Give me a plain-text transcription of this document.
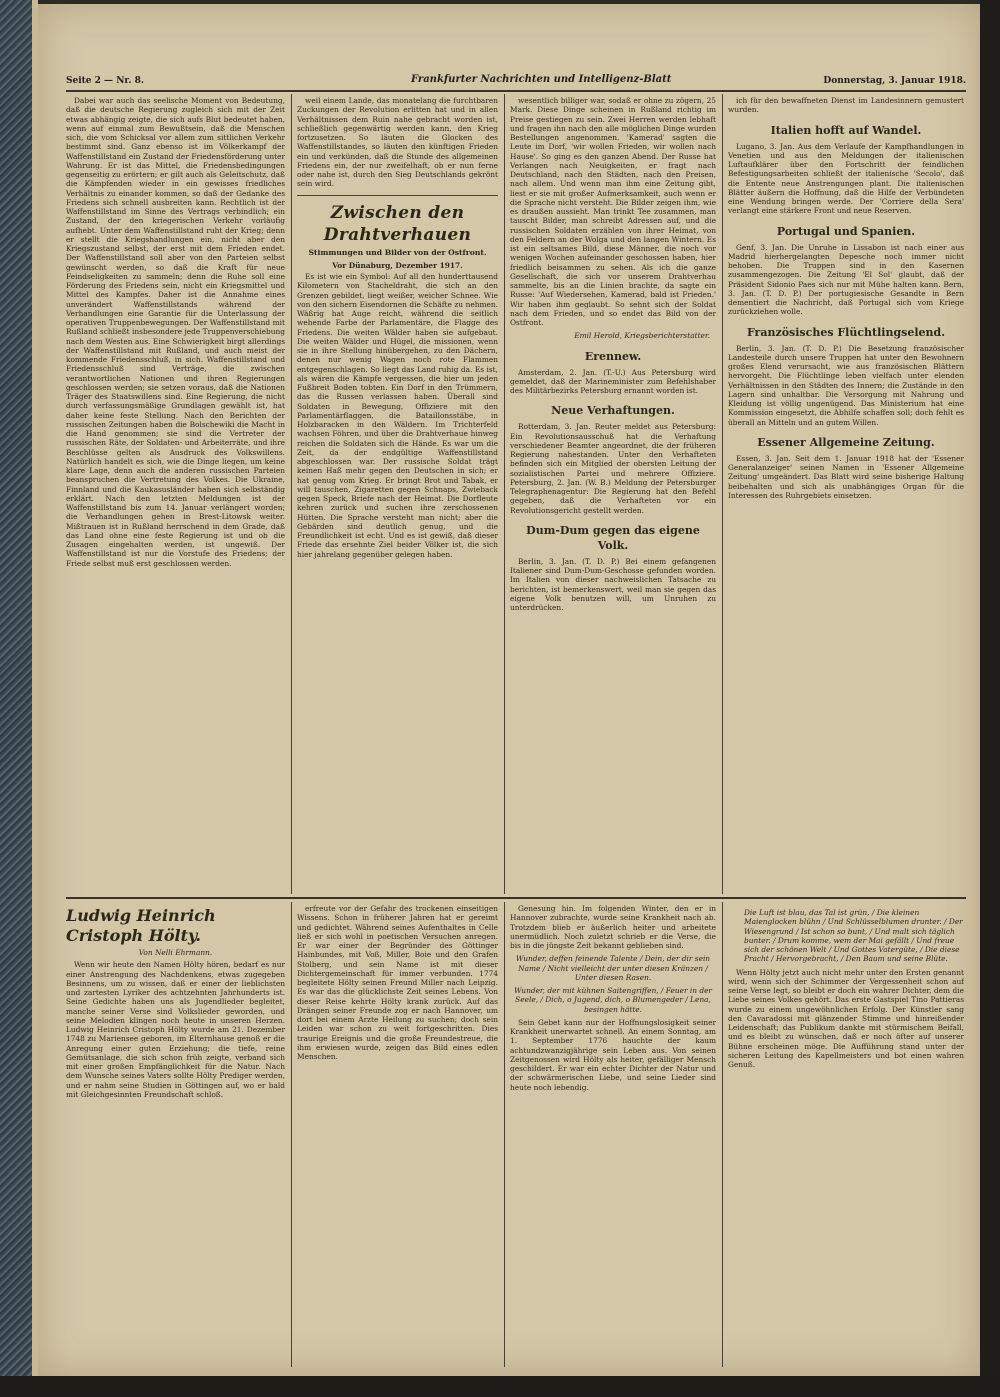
Seite 2 — Nr. 8.	Frankfurter Nachrichten und Intelligenz-Blatt	Donnerstag, 3. Januar 1918.

Dabei war auch das seelische Moment von Bedeutung, daß die deutsche Regierung zugleich sich mit der Zeit etwas abhängig zeigte, die sich aufs Blut bedeutet haben, wenn auf einmal zum Bewußtsein, daß die Menschen sich, die vom Schicksal vor allem zum sittlichen Verkehr bestimmt sind. Ganz ebenso ist im Völkerkampf der Waffenstillstand ein Zustand der Friedensförderung unter Wahrung. Er ist das Mittel, die Friedensbedingungen gegenseitig zu erörtern; er gilt auch als Geleitschutz, daß die Kämpfenden wieder in ein gewisses friedliches Verhältnis zu einander kommen, so daß der Gedanke des Friedens sich schnell ausbreiten kann. Rechtlich ist der Waffenstillstand im Sinne des Vertrags verbindlich; ein Zustand, der den kriegerischen Verkehr vorläufig aufhebt. Unter dem Waffenstillstand ruht der Krieg; denn er stellt die Kriegshandlungen ein, nicht aber den Kriegszustand selbst, der erst mit dem Frieden endet. Der Waffenstillstand soll aber von den Parteien selbst gewünscht werden, so daß die Kraft für neue Feindseligkeiten zu sammeln; denn die Ruhe soll eine Förderung des Friedens sein, nicht ein Kriegsmittel und Mittel des Kampfes. Daher ist die Annahme eines unverändert Waffenstillstands während der Verhandlungen eine Garantie für die Unterlassung der operativen Truppenbewegungen. Der Waffenstillstand mit Rußland schließt insbesondere jede Truppenverschiebung nach dem Westen aus. Eine Schwierigkeit birgt allerdings der Waffenstillstand mit Rußland, und auch meist der kommende Friedensschluß, in sich. Waffenstillstand und Friedensschluß sind Verträge, die zwischen verantwortlichen Nationen und ihren Regierungen geschlossen werden; sie setzen voraus, daß die Nationen Träger des Staatswillens sind. Eine Regierung, die nicht durch verfassungsmäßige Grundlagen gewählt ist, hat daher keine feste Stellung. Nach den Berichten der russischen Zeitungen haben die Bolschewiki die Macht in die Hand genommen; sie sind die Vertreter der russischen Räte, der Soldaten- und Arbeiterräte, und ihre Beschlüsse gelten als Ausdruck des Volkswillens. Natürlich handelt es sich, wie die Dinge liegen, um keine klare Lage, denn auch die anderen russischen Parteien beanspruchen die Vertretung des Volkes. Die Ukraine, Finnland und die Kaukasusländer haben sich selbständig erklärt. Nach den letzten Meldungen ist der Waffenstillstand bis zum 14. Januar verlängert worden; die Verhandlungen gehen in Brest-Litowsk weiter. Mißtrauen ist in Rußland herrschend in dem Grade, daß das Land ohne eine feste Regierung ist und ob die Zusagen eingehalten werden, ist ungewiß. Der Waffenstillstand ist nur die Vorstufe des Friedens; der Friede selbst muß erst geschlossen werden.

weil einem Lande, das monatelang die furchtbaren Zuckungen der Revolution erlitten hat und in allen Verhältnissen dem Ruin nahe gebracht worden ist, schließlich gegenwärtig werden kann, den Krieg fortzusetzen. So läuten die Glocken des Waffenstillstandes, so läuten den künftigen Frieden ein und verkünden, daß die Stunde des allgemeinen Friedens ein, der nur zweifelhaft, ob er nun ferne oder nahe ist, durch den Sieg Deutschlands gekrönt sein wird.

Zwischen den Drahtverhauen
Stimmungen und Bilder von der Ostfront.
Vor Dünaburg, Dezember 1917.

Es ist wie ein Symbol: Auf all den hunderttausend Kilometern von Stacheldraht, die sich an den Grenzen gebildet, liegt weißer, weicher Schnee. Wie von den sichern Eisendornen die Schäfte zu nehmen. Wäßrig hat Auge reicht, während die seitlich wehende Farbe der Parlamentäre, die Flagge des Friedens. Die weiten Wälder haben sie aufgebaut. Die weiten Wälder und Hügel, die missionen, wenn sie in ihre Stellung hinübergehen, zu den Dächern, denen nur wenig Wagen noch rote Flammen entgegenschlagen. So liegt das Land ruhig da. Es ist, als wären die Kämpfe vergessen, die hier um jeden Fußbreit Boden tobten. Ein Dorf in den Trümmern, das die Russen verlassen haben. Überall sind Soldaten in Bewegung, Offiziere mit den Parlamentärflaggen, die Bataillonsstäbe, in Holzbaracken in den Wäldern. Im Trichterfeld wachsen Föhren, und über die Drahtverhaue hinweg reichen die Soldaten sich die Hände. Es war um die Zeit, da der endgültige Waffenstillstand abgeschlossen war. Der russische Soldat trägt keinen Haß mehr gegen den Deutschen in sich; er hat genug vom Krieg. Er bringt Brot und Tabak, er will tauschen, Zigaretten gegen Schnaps, Zwieback gegen Speck, Briefe nach der Heimat. Die Dorfleute kehren zurück und suchen ihre zerschossenen Hütten. Die Sprache versteht man nicht; aber die Gebärden sind deutlich genug, und die Freundlichkeit ist echt. Und es ist gewiß, daß dieser Friede das ersehnte Ziel beider Völker ist, die sich hier jahrelang gegenüber gelegen haben.

wesentlich billiger war, sodaß er ohne zu zögern, 25 Mark. Diese Dinge scheinen in Rußland richtig im Preise gestiegen zu sein. Zwei Herren werden lebhaft und fragen ihn nach den alle möglichen Dinge wurden Bestellungen angenommen. 'Kamerad' sagten die Leute im Dorf, 'wir wollen Frieden, wir wollen nach Hause'. So ging es den ganzen Abend. Der Russe hat Verlangen nach Neuigkeiten, er fragt nach Deutschland, nach den Städten, nach den Preisen, nach allem. Und wenn man ihm eine Zeitung gibt, liest er sie mit großer Aufmerksamkeit, auch wenn er die Sprache nicht versteht. Die Bilder zeigen ihm, wie es draußen aussieht. Man trinkt Tee zusammen, man tauscht Bilder, man schreibt Adressen auf, und die russischen Soldaten erzählen von ihrer Heimat, von den Feldern an der Wolga und den langen Wintern. Es ist ein seltsames Bild, diese Männer, die noch vor wenigen Wochen aufeinander geschossen haben, hier friedlich beisammen zu sehen. Als ich die ganze Gesellschaft, die sich vor unserem Drahtverhau sammelte, bis an die Linien brachte, da sagte ein Russe: 'Auf Wiedersehen, Kamerad, bald ist Frieden.' Wir haben ihm geglaubt. So sehnt sich der Soldat nach dem Frieden, und so endet das Bild von der Ostfront.

Emil Herold, Kriegsberichterstatter.
Erennew.

Amsterdam, 2. Jan. (T.-U.) Aus Petersburg wird gemeldet, daß der Marineminister zum Befehlshaber des Militärbezirks Petersburg ernannt worden ist.

Neue Verhaftungen.

Rotterdam, 3. Jan. Reuter meldet aus Petersburg: Ein Revolutionsausschuß hat die Verhaftung verschiedener Beamter angeordnet, die der früheren Regierung nahestanden. Unter den Verhafteten befinden sich ein Mitglied der obersten Leitung der sozialistischen Partei und mehrere Offiziere. Petersburg, 2. Jan. (W. B.) Meldung der Petersburger Telegraphenagentur: Die Regierung hat den Befehl gegeben, daß die Verhafteten vor ein Revolutionsgericht gestellt werden.

Dum-Dum gegen das eigene Volk.

Berlin, 3. Jan. (T. D. P.) Bei einem gefangenen Italiener sind Dum-Dum-Geschosse gefunden worden. Im Italien von dieser nachweislichen Tatsache zu berichten, ist bemerkenswert, weil man sie gegen das eigene Volk benutzen will, um Unruhen zu unterdrücken.

ich für den bewaffneten Dienst im Landesinnern gemustert wurden.

Italien hofft auf Wandel.

Lugano, 3. Jan. Aus dem Verlaufe der Kampfhandlungen in Venetien und aus den Meldungen der italienischen Luftaufklärer über den Fortschritt der feindlichen Befestigungsarbeiten schließt der italienische 'Secolo', daß die Entente neue Anstrengungen plant. Die italienischen Blätter äußern die Hoffnung, daß die Hilfe der Verbündeten eine Wendung bringen werde. Der 'Corriere della Sera' verlangt eine stärkere Front und neue Reserven.

Portugal und Spanien.

Genf, 3. Jan. Die Unruhe in Lissabon ist nach einer aus Madrid hierhergelangten Depesche noch immer nicht behoben. Die Truppen sind in den Kasernen zusammengezogen. Die Zeitung 'El Sol' glaubt, daß der Präsident Sidonio Paes sich nur mit Mühe halten kann. Bern, 3. Jan. (T. D. P.) Der portugiesische Gesandte in Bern dementiert die Nachricht, daß Portugal sich vom Kriege zurückziehen wolle.

Französisches Flüchtlingselend.

Berlin, 3. Jan. (T. D. P.) Die Besetzung französischer Landesteile durch unsere Truppen hat unter den Bewohnern großes Elend verursacht, wie aus französischen Blättern hervorgeht. Die Flüchtlinge leben vielfach unter elenden Verhältnissen in den Städten des Innern; die Zustände in den Lagern sind unhaltbar. Die Versorgung mit Nahrung und Kleidung ist völlig ungenügend. Das Ministerium hat eine Kommission eingesetzt, die Abhilfe schaffen soll; doch fehlt es überall an Mitteln und an gutem Willen.

Essener Allgemeine Zeitung.

Essen, 3. Jan. Seit dem 1. Januar 1918 hat der 'Essener Generalanzeiger' seinen Namen in 'Essener Allgemeine Zeitung' umgeändert. Das Blatt wird seine bisherige Haltung beibehalten und sich als unabhängiges Organ für die Interessen des Ruhrgebiets einsetzen.

Ludwig Heinrich Cristoph Hölty.
Von Nelli Ehrmann.

Wenn wir heute den Namen Hölty hören, bedarf es nur einer Anstrengung des Nachdenkens, etwas zugegeben Besinnens, um zu wissen, daß er einer der lieblichsten und zartesten Lyriker des achtzehnten Jahrhunderts ist. Seine Gedichte haben uns als Jugendlieder begleitet, manche seiner Verse sind Volkslieder geworden, und seine Melodien klingen noch heute in unseren Herzen. Ludwig Heinrich Cristoph Hölty wurde am 21. Dezember 1748 zu Mariensee geboren, im Elternhause genoß er die Anregung einer guten Erziehung; die tiefe, reine Gemütsanlage, die sich schon früh zeigte, verband sich mit einer großen Empfänglichkeit für die Natur. Nach dem Wunsche seines Vaters sollte Hölty Prediger werden, und er nahm seine Studien in Göttingen auf, wo er bald mit Gleichgesinnten Freundschaft schloß.

erfreute vor der Gefahr des trockenen einseitigen Wissens. Schon in früherer Jahren hat er gereimt und gedichtet. Während seines Aufenthaltes in Celle ließ er sich wohl in poetischen Versuchen anregen. Er war einer der Begründer des Göttinger Hainbundes, mit Voß, Miller, Boie und den Grafen Stolberg, und sein Name ist mit dieser Dichtergemeinschaft für immer verbunden. 1774 begleitete Hölty seinen Freund Miller nach Leipzig. Es war das die glücklichste Zeit seines Lebens. Von dieser Reise kehrte Hölty krank zurück. Auf das Drängen seiner Freunde zog er nach Hannover, um dort bei einem Arzte Heilung zu suchen; doch sein Leiden war schon zu weit fortgeschritten. Dies traurige Ereignis und die große Freundestreue, die ihm erwiesen wurde, zeigen das Bild eines edlen Menschen.

Genesung hin. Im folgenden Winter, den er in Hannover zubrachte, wurde seine Krankheit nach ab. Trotzdem blieb er äußerlich heiter und arbeitete unermüdlich. Noch zuletzt schrieb er die Verse, die bis in die jüngste Zeit bekannt geblieben sind.

Wunder, deffen feinende Talente / Dein, der dir sein Name / Nicht vielleicht der unter diesen Kränzen / Unter diesen Rasen.
Wunder, der mit kühnen Saitengriffen, / Feuer in der Seele, / Dich, o Jugend, dich, o Blumengeder / Lena, besingen hätte.

Sein Gebet kann nur der Hoffnungslosigkeit seiner Krankheit unerwartet schnell. An einem Sonntag, am 1. September 1776 hauchte der kaum achtundzwanzigjährige sein Leben aus. Von seinen Zeitgenossen wird Hölty als heiter, gefälliger Mensch geschildert. Er war ein echter Dichter der Natur und der schwärmerischen Liebe, und seine Lieder sind heute noch lebendig.

Die Luft ist blau, das Tal ist grün, / Die kleinen Maienglocken blühn / Und Schlüsselblumen drunter. / Der Wiesengrund / Ist schon so bunt, / Und malt sich täglich bunter. / Drum komme, wem der Mai gefällt / Und freue sich der schönen Welt / Und Gottes Vatergüte, / Die diese Pracht / Hervorgebracht, / Den Baum und seine Blüte.

Wenn Hölty jetzt auch nicht mehr unter den Ersten genannt wird, wenn sich der Schimmer der Vergessenheit schon auf seine Verse legt, so bleibt er doch ein wahrer Dichter, dem die Liebe seines Volkes gehört. Das erste Gastspiel Tino Pattieras wurde zu einem ungewöhnlichen Erfolg. Der Künstler sang den Cavaradossi mit glänzender Stimme und hinreißender Leidenschaft; das Publikum dankte mit stürmischem Beifall, und es bleibt zu wünschen, daß er noch öfter auf unserer Bühne erscheinen möge. Die Aufführung stand unter der sicheren Leitung des Kapellmeisters und bot einen wahren Genuß.
